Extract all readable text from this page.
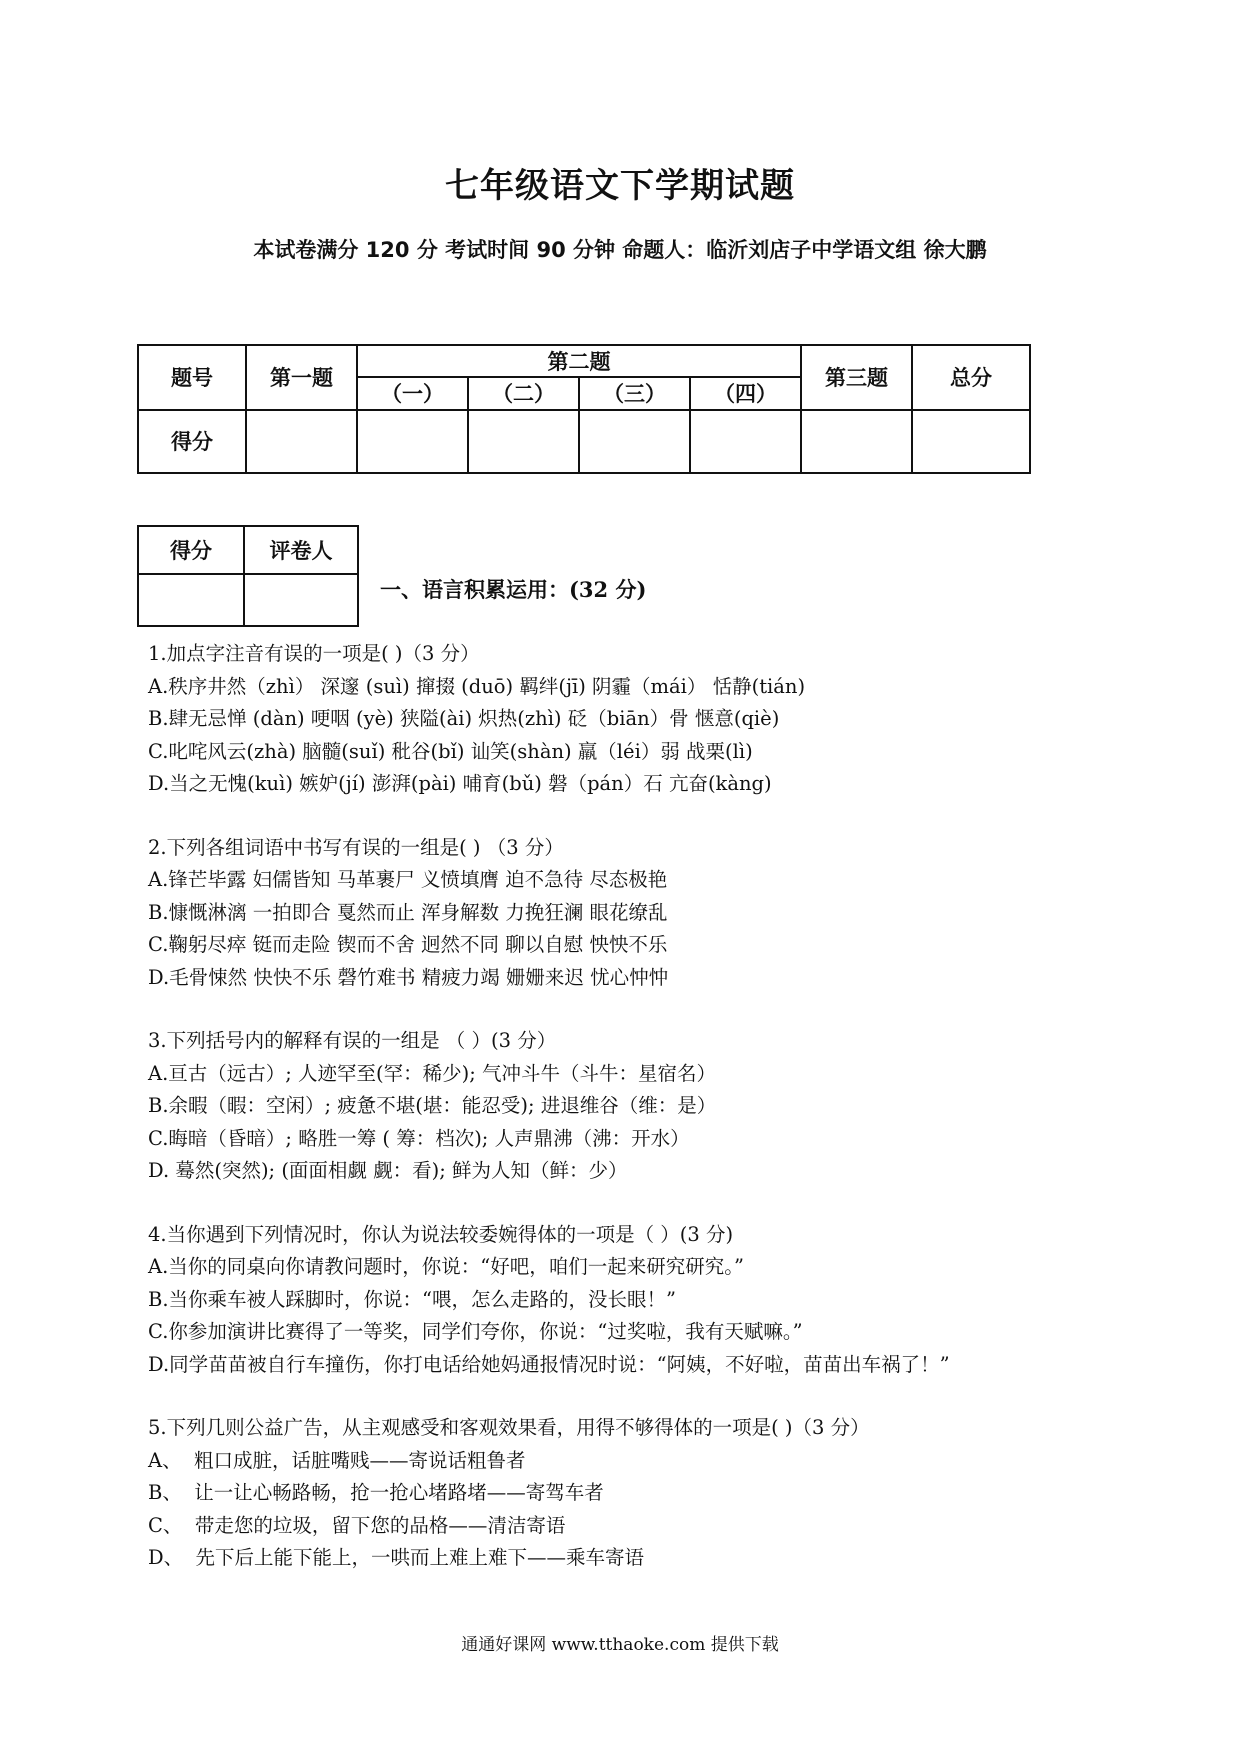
七年级语文下学期试题
本试卷满分 120 分 考试时间 90 分钟 命题人：临沂刘店子中学语文组 徐大鹏
题号	第一题	第二题				第三题	总分
		（一）	（二）	（三）	（四）		
得分							
得分	评卷人

一、语言积累运用：(32 分)
1.加点字注音有误的一项是( )（3 分）
A.秩序井然（zhì） 深邃 (suì) 撺掇 (duō) 羁绊(jī) 阴霾（mái） 恬静(tián)
B.肆无忌惮 (dàn) 哽咽 (yè) 狭隘(ài) 炽热(zhì) 砭（biān）骨 惬意(qiè)
C.叱咤风云(zhà) 脑髓(suǐ) 秕谷(bǐ) 讪笑(shàn) 羸（léi）弱 战栗(lì)
D.当之无愧(kuì) 嫉妒(jí) 澎湃(pài) 哺育(bǔ) 磐（pán）石 亢奋(kàng)
2.下列各组词语中书写有误的一组是( ) （3 分）
A.锋芒毕露 妇儒皆知 马革裹尸 义愤填膺 迫不急待 尽态极艳
B.慷慨淋漓 一拍即合 戛然而止 浑身解数 力挽狂澜 眼花缭乱
C.鞠躬尽瘁 铤而走险 锲而不舍 迥然不同 聊以自慰 怏怏不乐
D.毛骨悚然 快快不乐 磬竹难书 精疲力竭 姗姗来迟 忧心忡忡
3.下列括号内的解释有误的一组是 （ ）(3 分）
A.亘古（远古）; 人迹罕至(罕：稀少); 气冲斗牛（斗牛：星宿名）
B.余暇（暇：空闲）; 疲惫不堪(堪：能忍受); 进退维谷（维：是）
C.晦暗（昏暗）; 略胜一筹 ( 筹：档次); 人声鼎沸（沸：开水）
D. 蓦然(突然); (面面相觑 觑：看); 鲜为人知（鲜：少）
4.当你遇到下列情况时，你认为说法较委婉得体的一项是（ ）(3 分)
A.当你的同桌向你请教问题时，你说：“好吧，咱们一起来研究研究。”
B.当你乘车被人踩脚时，你说：“喂，怎么走路的，没长眼！”
C.你参加演讲比赛得了一等奖，同学们夸你，你说：“过奖啦，我有天赋嘛。”
D.同学苗苗被自行车撞伤，你打电话给她妈通报情况时说：“阿姨，不好啦，苗苗出车祸了！”
5.下列几则公益广告，从主观感受和客观效果看，用得不够得体的一项是( )（3 分）
A、  粗口成脏，话脏嘴贱——寄说话粗鲁者
B、  让一让心畅路畅，抢一抢心堵路堵——寄驾车者
C、  带走您的垃圾，留下您的品格——清洁寄语
D、  先下后上能下能上，一哄而上难上难下——乘车寄语
通通好课网 www.tthaoke.com 提供下载
